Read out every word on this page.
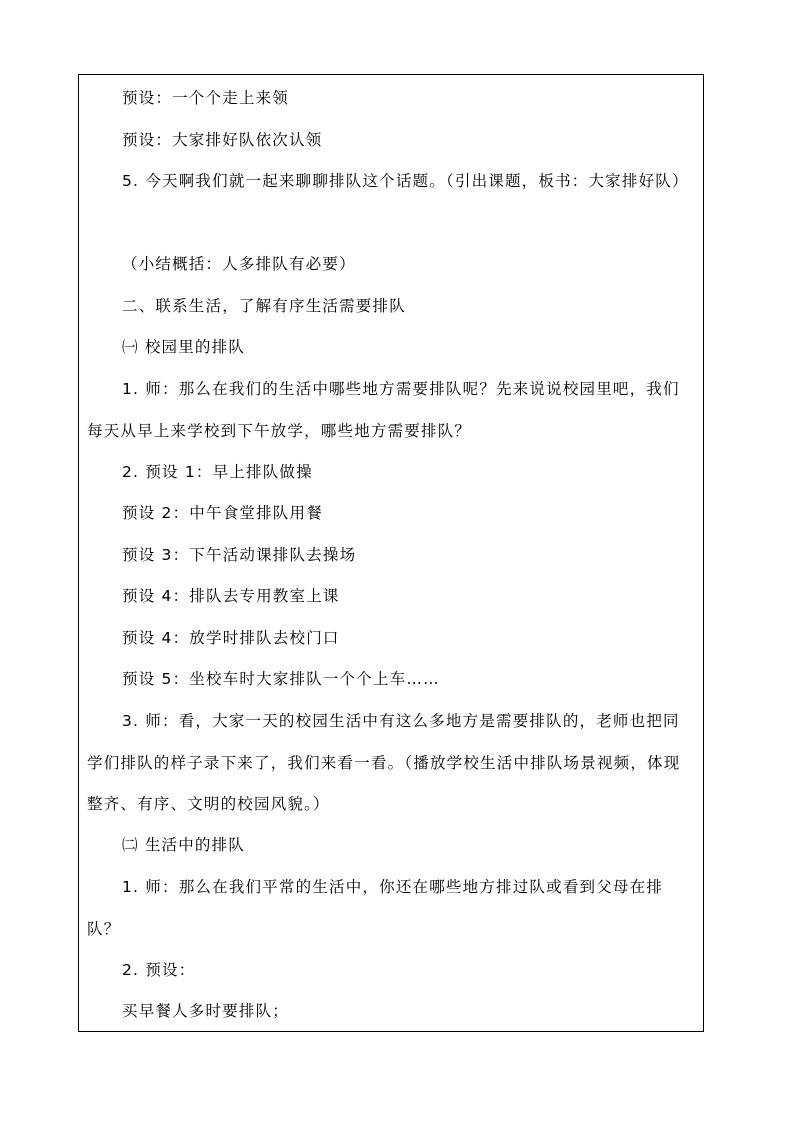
预设：一个个走上来领

预设：大家排好队依次认领

5. 今天啊我们就一起来聊聊排队这个话题。（引出课题，板书：大家排好队）

（小结概括：人多排队有必要）

二、联系生活，了解有序生活需要排队

㈠ 校园里的排队

1. 师：那么在我们的生活中哪些地方需要排队呢？先来说说校园里吧，我们每天从早上来学校到下午放学，哪些地方需要排队？

2. 预设 1：早上排队做操

预设 2：中午食堂排队用餐

预设 3：下午活动课排队去操场

预设 4：排队去专用教室上课

预设 4：放学时排队去校门口

预设 5：坐校车时大家排队一个个上车……

3. 师：看，大家一天的校园生活中有这么多地方是需要排队的，老师也把同学们排队的样子录下来了，我们来看一看。（播放学校生活中排队场景视频，体现整齐、有序、文明的校园风貌。）

㈡ 生活中的排队

1. 师：那么在我们平常的生活中，你还在哪些地方排过队或看到父母在排队？

2. 预设：

买早餐人多时要排队；
